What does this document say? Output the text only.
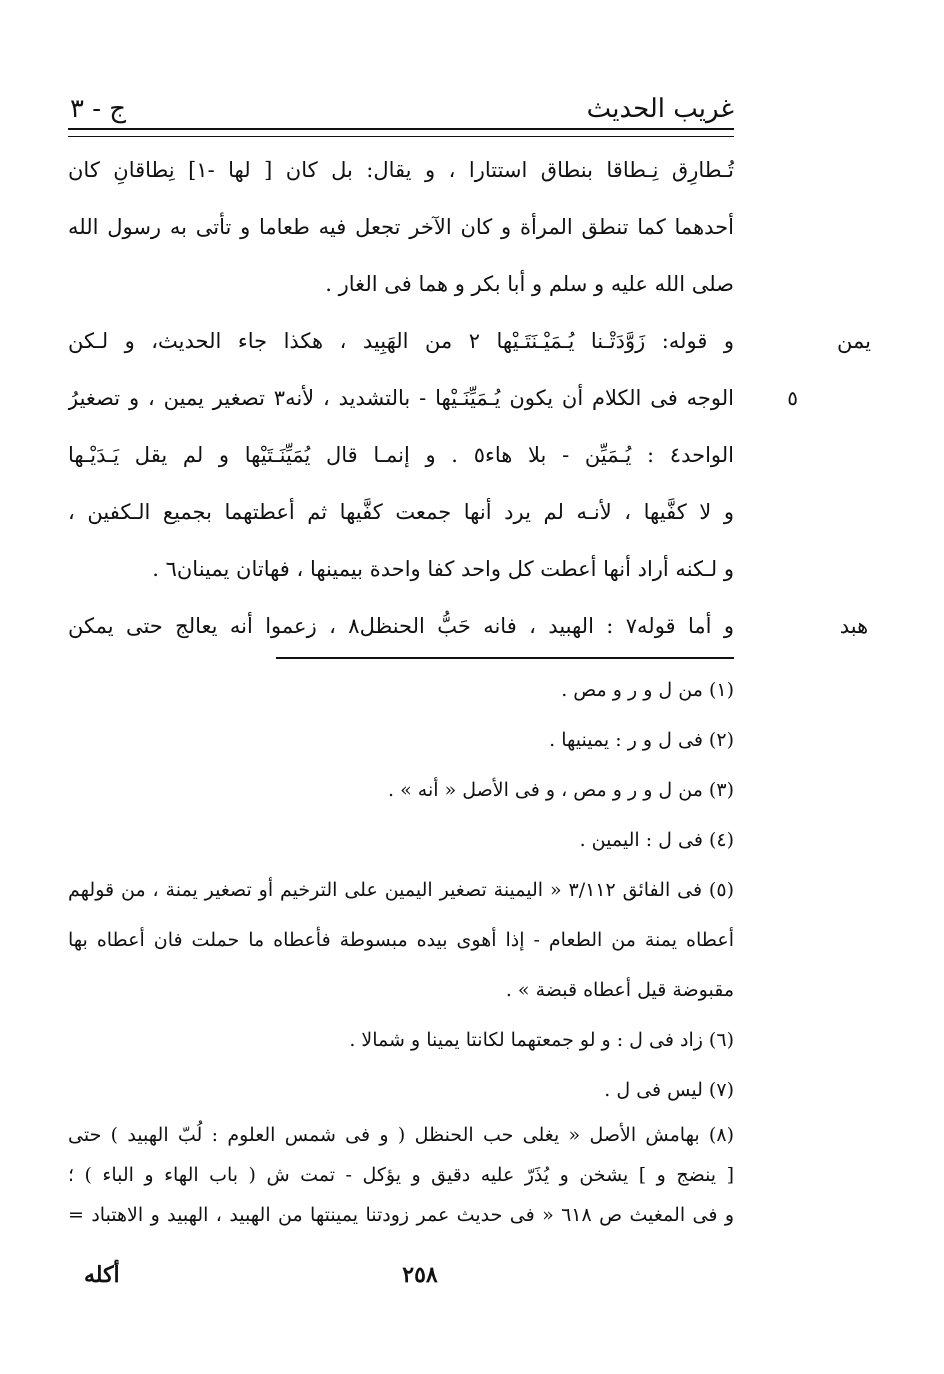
غريب الحديث
ج - ٣
تُـطارِق نِـطاقا بنطاق استتارا ، و يقال: بل كان [ لها -١] نِطاقانِ كان
أحدهما كما تنطق المرأة و كان الآخر تجعل فيه طعاما و تأتى به رسول الله
صلى الله عليه و سلم و أبا بكر و هما فى الغار .
يمن
و قوله: زَوَّدَتْـنا يُـمَيْـنَتَـيْها ٢ من الهَبِيد ، هكذا جاء الحديث، و لـكن
٥
الوجه فى الكلام أن يكون يُـمَيِّنَـيْها - بالتشديد ، لأنه٣ تصغير يمين ، و تصغيرُ
الواحد٤ : يُـمَيِّن - بلا هاء٥ . و إنمـا قال يُمَيِّنَـتَيْها و لم يقل يَـدَيْـها
و لا كفَّيها ، لأنـه لم يرد أنها جمعت كفَّيها ثم أعطتهما بجميع الـكفين ،
و لـكنه أراد أنها أعطت كل واحد كفا واحدة بيمينها ، فهاتان يمينان٦ .
هبد
و أما قوله٧ : الهبيد ، فانه حَبُّ الحنظل٨ ، زعموا أنه يعالج حتى يمكن
(١) من ل و ر و مص .
(٢) فى ل و ر : يمينيها .
(٣) من ل و ر و مص ، و فى الأصل « أنه » .
(٤) فى ل : اليمين .
(٥) فى الفائق ٣/١١٢ « اليمينة تصغير اليمين على الترخيم أو تصغير يمنة ، من قولهم
أعطاه يمنة من الطعام - إذا أهوى بيده مبسوطة فأعطاه ما حملت فان أعطاه بها
مقبوضة قيل أعطاه قبضة » .
(٦) زاد فى ل : و لو جمعتهما لكانتا يمينا و شمالا .
(٧) ليس فى ل .
(٨) بهامش الأصل « يغلى حب الحنظل ( و فى شمس العلوم : لُبّ الهبيد ) حتى
[ ينضج و ] يشخن و يُذَرّ عليه دقيق و يؤكل - تمت ش ( باب الهاء و الباء ) ؛
و فى المغيث ص ٦١٨ « فى حديث عمر زودتنا يمينتها من الهبيد ، الهبيد و الاهتباد =
٢٥٨
أكله
